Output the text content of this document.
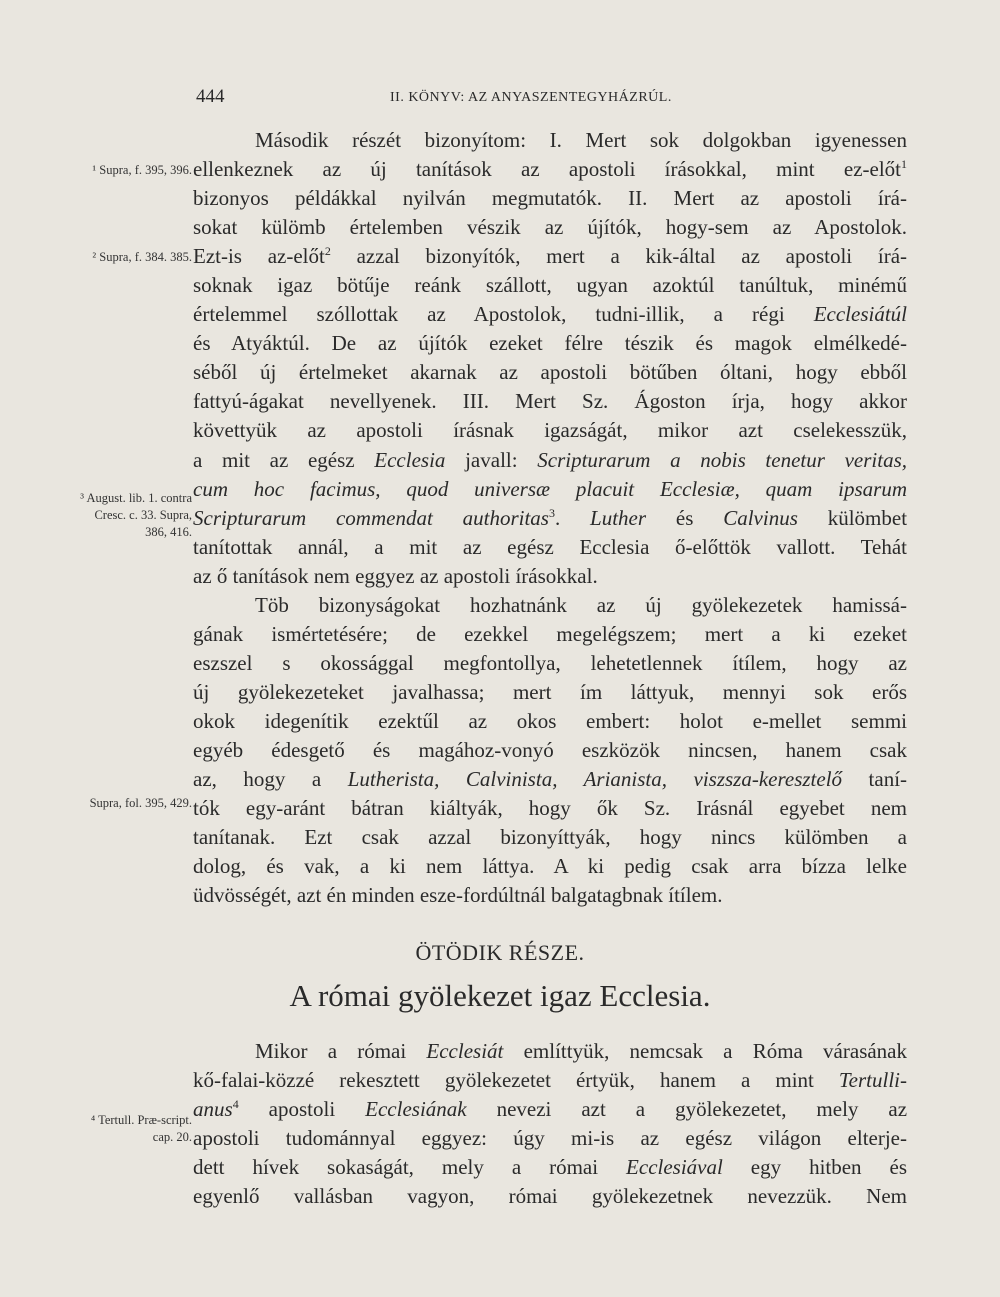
444	II. KÖNYV: AZ ANYASZENTEGYHÁZRÚL.
¹ Supra, f. 395, 396.
² Supra, f. 384. 385.
³ August. lib. 1. contra Cresc. c. 33. Supra, 386, 416.
Supra, fol. 395, 429.
⁴ Tertull. Præ-script. cap. 20.
Második részét bizonyítom: I. Mert sok dolgokban igyenessen
ellenkeznek az új tanítások az apostoli írásokkal, mint ez-előt$^1$
bizonyos példákkal nyilván megmutatók. II. Mert az apostoli írá-
sokat külömb értelemben vészik az újítók, hogy-sem az Apostolok.
Ezt-is az-előt$^2$ azzal bizonyítók, mert a kik-által az apostoli írá-
soknak igaz bötűje reánk szállott, ugyan azoktúl tanúltuk, minémű
értelemmel szóllottak az Apostolok, tudni-illik, a régi Ecclesiátúl
és Atyáktúl. De az újítók ezeket félre tészik és magok elmélkedé-
séből új értelmeket akarnak az apostoli bötűben óltani, hogy ebből
fattyú-ágakat nevellyenek. III. Mert Sz. Ágoston írja, hogy akkor
követtyük az apostoli írásnak igazságát, mikor azt cselekesszük,
a mit az egész Ecclesia javall: Scripturarum a nobis tenetur veritas,
cum hoc facimus, quod universæ placuit Ecclesiæ, quam ipsarum
Scripturarum commendat authoritas$^3$. Luther és Calvinus külömbet
tanítottak annál, a mit az egész Ecclesia ő-előttök vallott. Tehát
az ő tanítások nem eggyez az apostoli írásokkal.
Töb bizonyságokat hozhatnánk az új gyölekezetek hamissá-
gának ismértetésére; de ezekkel megelégszem; mert a ki ezeket
eszszel s okossággal megfontollya, lehetetlennek ítílem, hogy az
új gyölekezeteket javalhassa; mert ím láttyuk, mennyi sok erős
okok idegenítik ezektűl az okos embert: holot e-mellet semmi
egyéb édesgető és magához-vonyó eszközök nincsen, hanem csak
az, hogy a Lutherista, Calvinista, Arianista, viszsza-keresztelő taní-
tók egy-aránt bátran kiáltyák, hogy ők Sz. Irásnál egyebet nem
tanítanak. Ezt csak azzal bizonyíttyák, hogy nincs külömben a
dolog, és vak, a ki nem láttya. A ki pedig csak arra bízza lelke
üdvösségét, azt én minden esze-fordúltnál balgatagbnak ítílem.
ÖTÖDIK RÉSZE.
A római gyölekezet igaz Ecclesia.
Mikor a római Ecclesiát említtyük, nemcsak a Róma várasának
kő-falai-közzé rekesztett gyölekezetet értyük, hanem a mint Tertulli-
anus$^4$ apostoli Ecclesiának nevezi azt a gyölekezetet, mely az
apostoli tudománnyal eggyez: úgy mi-is az egész világon elterje-
dett hívek sokaságát, mely a római Ecclesiával egy hitben és
egyenlő vallásban vagyon, római gyölekezetnek nevezzük. Nem
